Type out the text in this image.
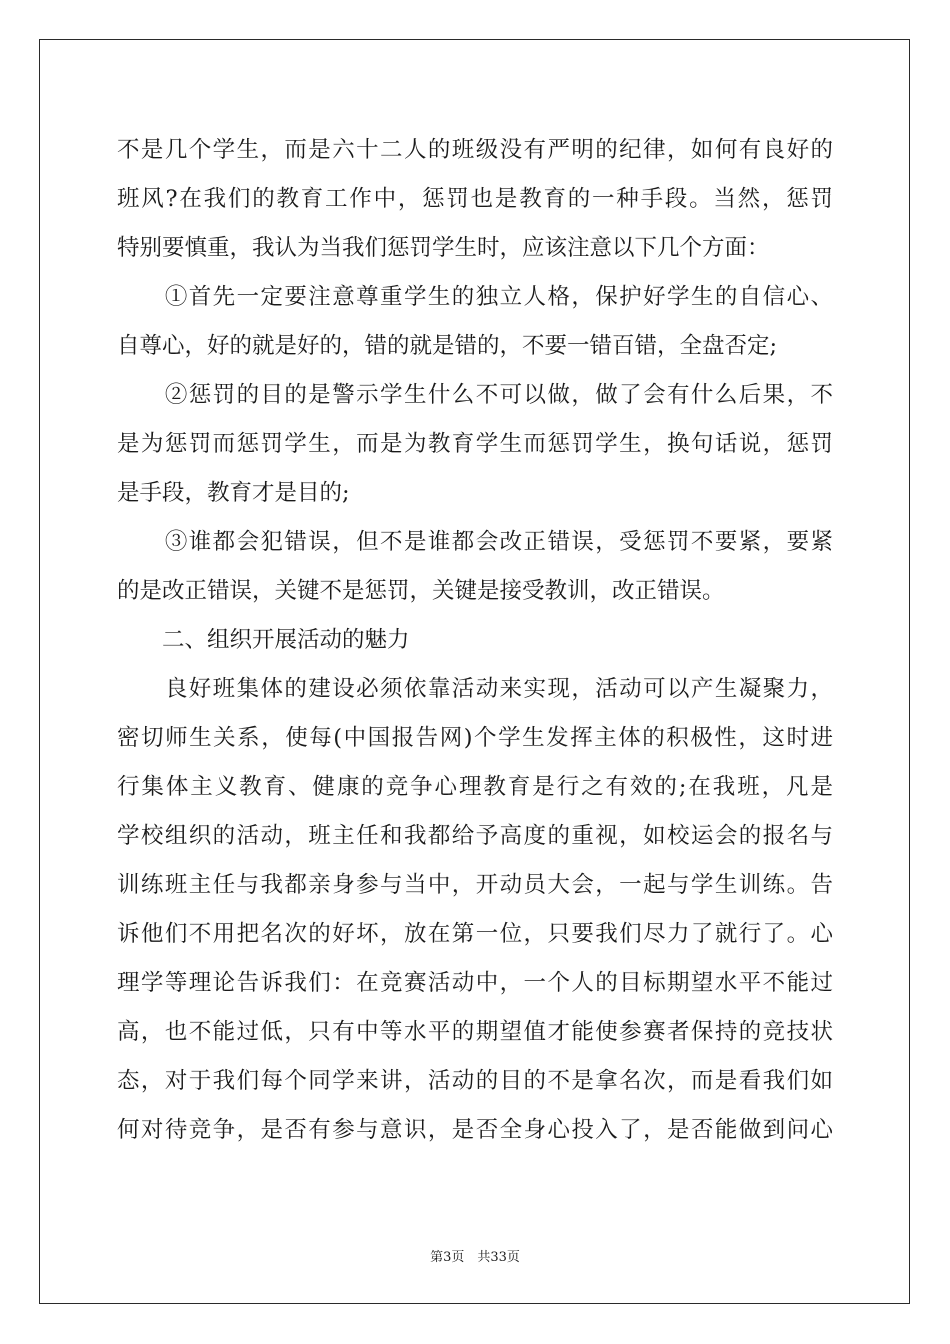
不是几个学生，而是六十二人的班级没有严明的纪律，如何有良好的
班风?在我们的教育工作中，惩罚也是教育的一种手段。当然，惩罚
特别要慎重，我认为当我们惩罚学生时，应该注意以下几个方面：
　　①首先一定要注意尊重学生的独立人格，保护好学生的自信心、
自尊心，好的就是好的，错的就是错的，不要一错百错，全盘否定;
　　②惩罚的目的是警示学生什么不可以做，做了会有什么后果，不
是为惩罚而惩罚学生，而是为教育学生而惩罚学生，换句话说，惩罚
是手段，教育才是目的;
　　③谁都会犯错误，但不是谁都会改正错误，受惩罚不要紧，要紧
的是改正错误，关键不是惩罚，关键是接受教训，改正错误。
　　二、组织开展活动的魅力
　　良好班集体的建设必须依靠活动来实现，活动可以产生凝聚力，
密切师生关系，使每(中国报告网)个学生发挥主体的积极性，这时进
行集体主义教育、健康的竞争心理教育是行之有效的;在我班，凡是
学校组织的活动，班主任和我都给予高度的重视，如校运会的报名与
训练班主任与我都亲身参与当中，开动员大会，一起与学生训练。告
诉他们不用把名次的好坏，放在第一位，只要我们尽力了就行了。心
理学等理论告诉我们：在竞赛活动中，一个人的目标期望水平不能过
高，也不能过低，只有中等水平的期望值才能使参赛者保持的竞技状
态，对于我们每个同学来讲，活动的目的不是拿名次，而是看我们如
何对待竞争，是否有参与意识，是否全身心投入了，是否能做到问心
第3页　共33页
